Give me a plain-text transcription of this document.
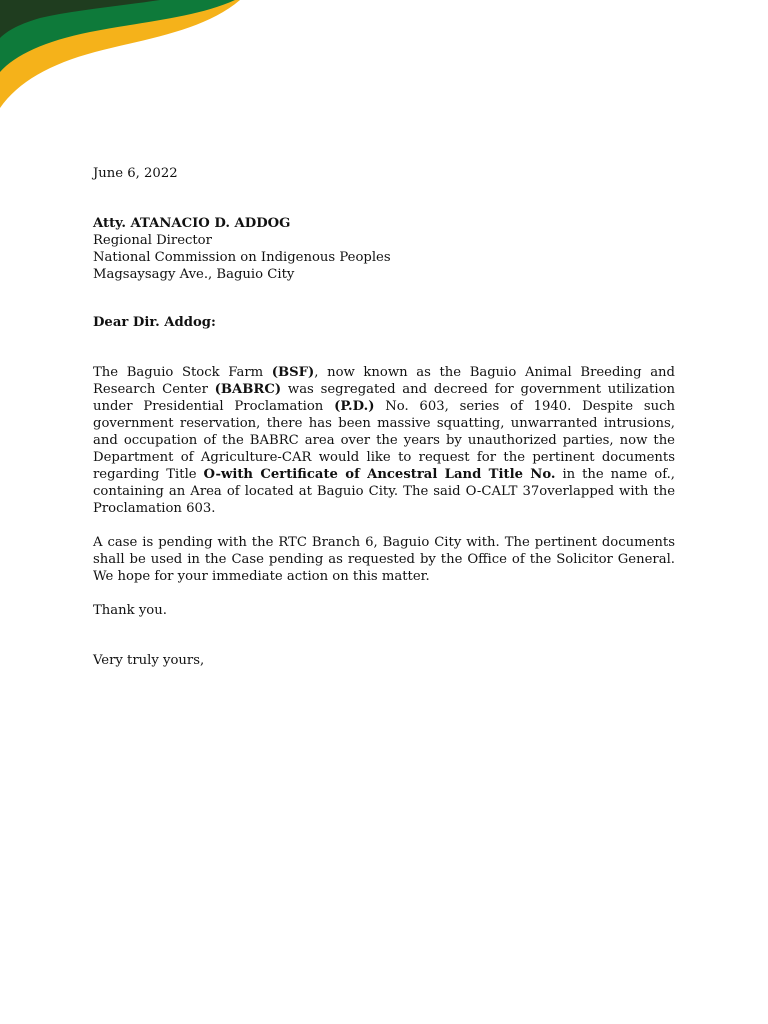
June 6, 2022
Atty. ATANACIO D. ADDOG
Regional Director
National Commission on Indigenous Peoples
Magsaysagy Ave., Baguio City
Dear Dir. Addog:

The Baguio Stock Farm (BSF), now known as the Baguio Animal Breeding and Research Center (BABRC) was segregated and decreed for government utilization under Presidential Proclamation (P.D.) No. 603, series of 1940. Despite such government reservation, there has been massive squatting, unwarranted intrusions, and occupation of the BABRC area over the years by unauthorized parties, now the Department of Agriculture-CAR would like to request for the pertinent documents regarding Title O-with Certificate of Ancestral Land Title No. in the name of., containing an Area of located at Baguio City. The said O-CALT 37overlapped with the Proclamation 603.

A case is pending with the RTC Branch 6, Baguio City with. The pertinent documents shall be used in the Case pending as requested by the Office of the Solicitor General. We hope for your immediate action on this matter.

Thank you.
Very truly yours,
